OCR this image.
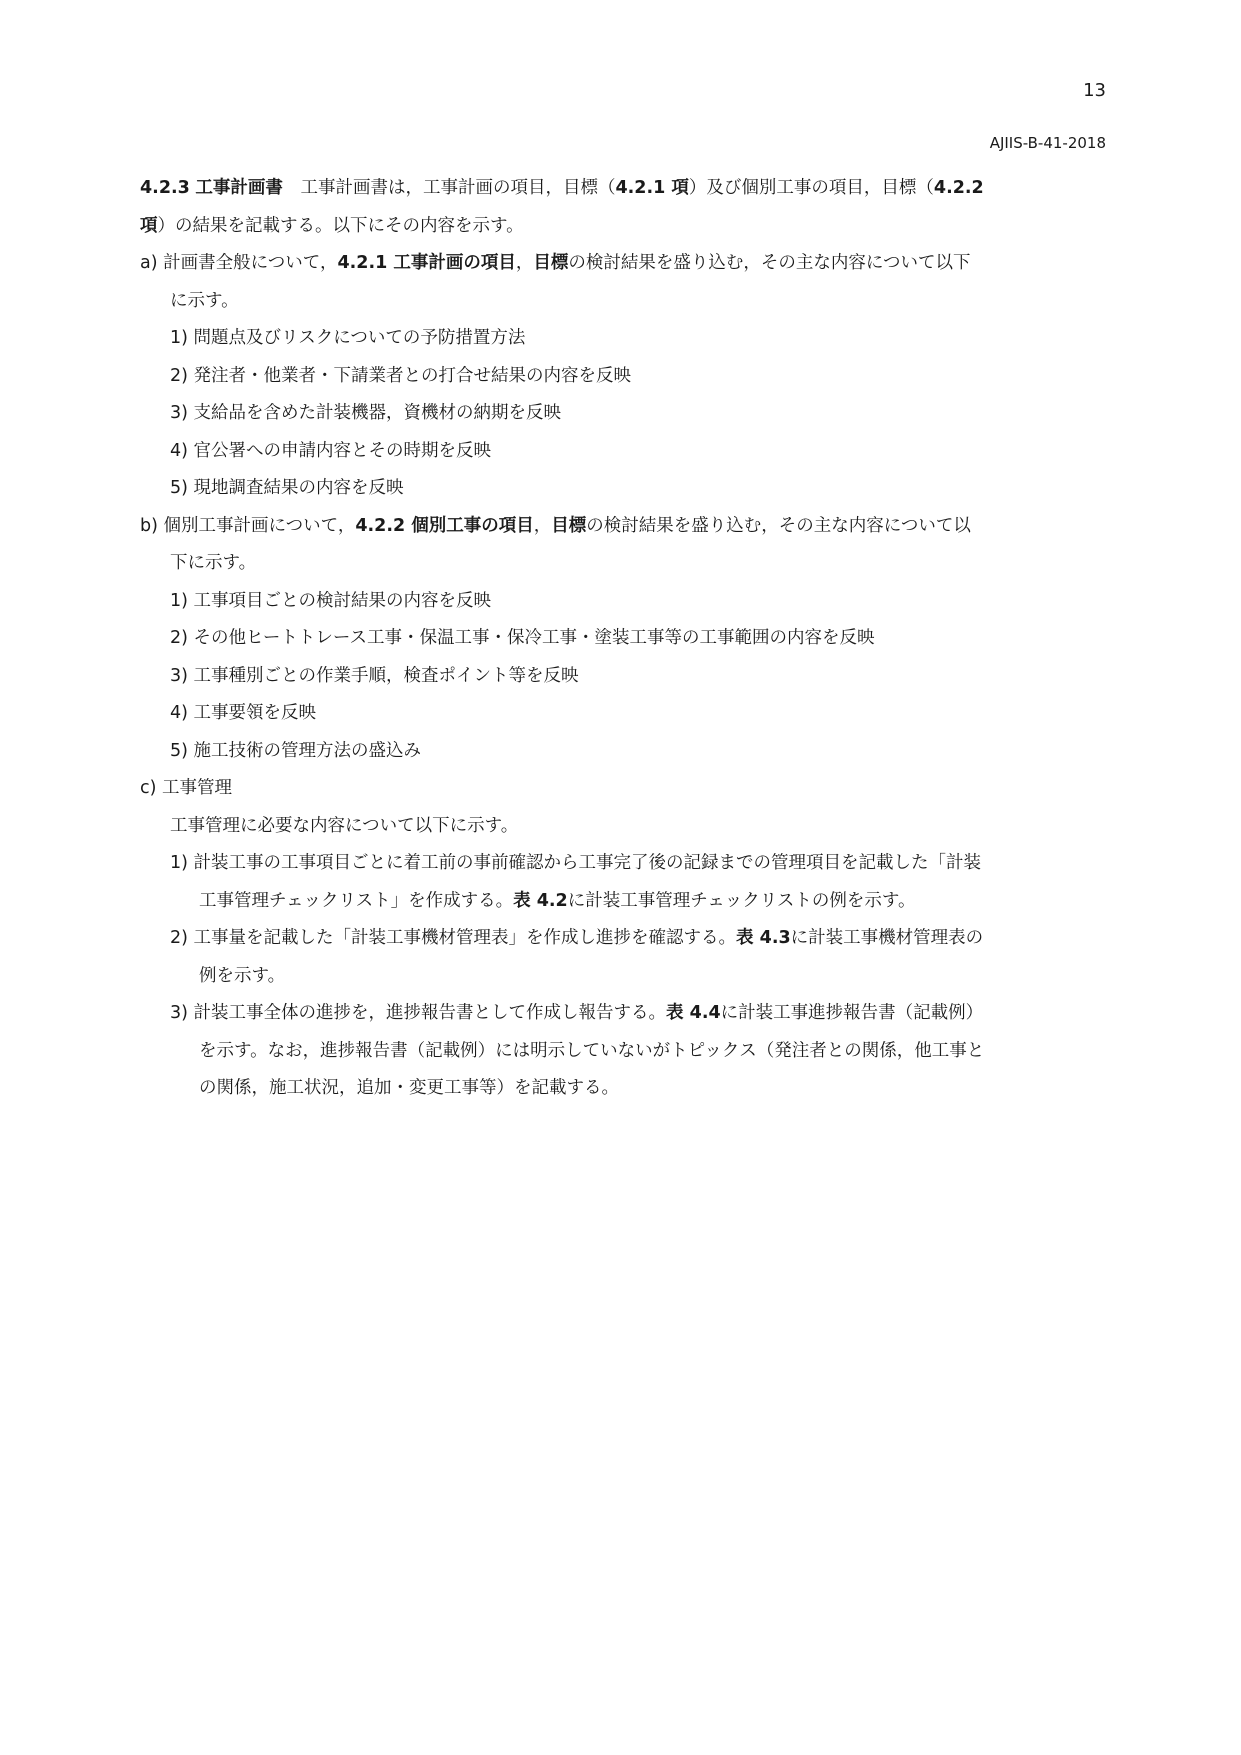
13
AJIIS-B-41-2018
4.2.3 工事計画書 工事計画書は，工事計画の項目，目標（4.2.1 項）及び個別工事の項目，目標（4.2.2
項）の結果を記載する。以下にその内容を示す。
a) 計画書全般について，4.2.1 工事計画の項目，目標の検討結果を盛り込む，その主な内容について以下
に示す。
1) 問題点及びリスクについての予防措置方法
2) 発注者・他業者・下請業者との打合せ結果の内容を反映
3) 支給品を含めた計装機器，資機材の納期を反映
4) 官公署への申請内容とその時期を反映
5) 現地調査結果の内容を反映
b) 個別工事計画について，4.2.2 個別工事の項目，目標の検討結果を盛り込む，その主な内容について以
下に示す。
1) 工事項目ごとの検討結果の内容を反映
2) その他ヒートトレース工事・保温工事・保冷工事・塗装工事等の工事範囲の内容を反映
3) 工事種別ごとの作業手順，検査ポイント等を反映
4) 工事要領を反映
5) 施工技術の管理方法の盛込み
c) 工事管理
工事管理に必要な内容について以下に示す。
1) 計装工事の工事項目ごとに着工前の事前確認から工事完了後の記録までの管理項目を記載した「計装
工事管理チェックリスト」を作成する。表 4.2に計装工事管理チェックリストの例を示す。
2) 工事量を記載した「計装工事機材管理表」を作成し進捗を確認する。表 4.3に計装工事機材管理表の
例を示す。
3) 計装工事全体の進捗を，進捗報告書として作成し報告する。表 4.4に計装工事進捗報告書（記載例）
を示す。なお，進捗報告書（記載例）には明示していないがトピックス（発注者との関係，他工事と
の関係，施工状況，追加・変更工事等）を記載する。
